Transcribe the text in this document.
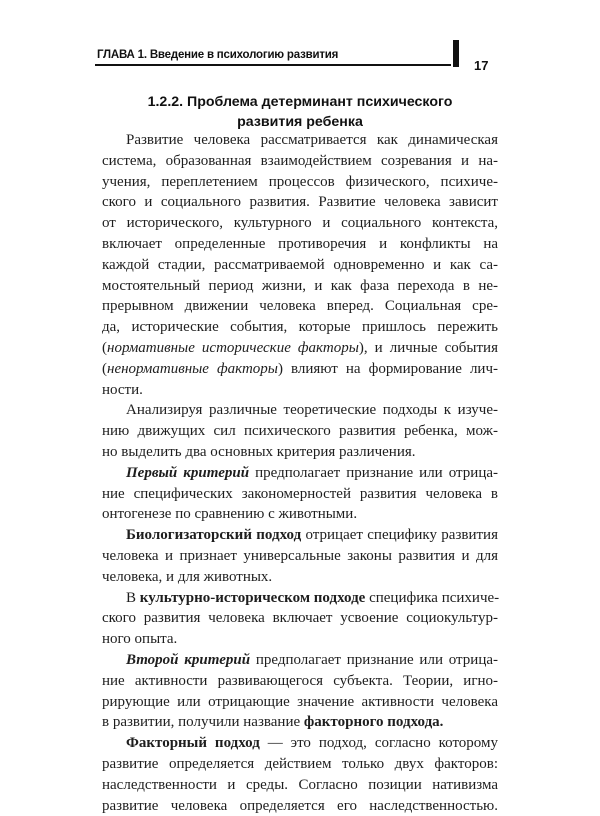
ГЛАВА 1. Введение в психологию развития
17
1.2.2. Проблема детерминант психического
развития ребенка
Развитие человека рассматривается как динамическая
система, образованная взаимодействием созревания и на-
учения, переплетением процессов физического, психиче-
ского и социального развития. Развитие человека зависит
от исторического, культурного и социального контекста,
включает определенные противоречия и конфликты на
каждой стадии, рассматриваемой одновременно и как са-
мостоятельный период жизни, и как фаза перехода в не-
прерывном движении человека вперед. Социальная сре-
да, исторические события, которые пришлось пережить
(нормативные исторические факторы), и личные события
(ненормативные факторы) влияют на формирование лич-
ности.
Анализируя различные теоретические подходы к изуче-
нию движущих сил психического развития ребенка, мож-
но выделить два основных критерия различения.
Первый критерий предполагает признание или отрица-
ние специфических закономерностей развития человека в
онтогенезе по сравнению с животными.
Биологизаторский подход отрицает специфику развития
человека и признает универсальные законы развития и для
человека, и для животных.
В культурно-историческом подходе специфика психиче-
ского развития человека включает усвоение социокультур-
ного опыта.
Второй критерий предполагает признание или отрица-
ние активности развивающегося субъекта. Теории, игно-
рирующие или отрицающие значение активности человека
в развитии, получили название факторного подхода.
Факторный подход — это подход, согласно которому
развитие определяется действием только двух факторов:
наследственности и среды. Согласно позиции нативизма
развитие человека определяется его наследственностью.
